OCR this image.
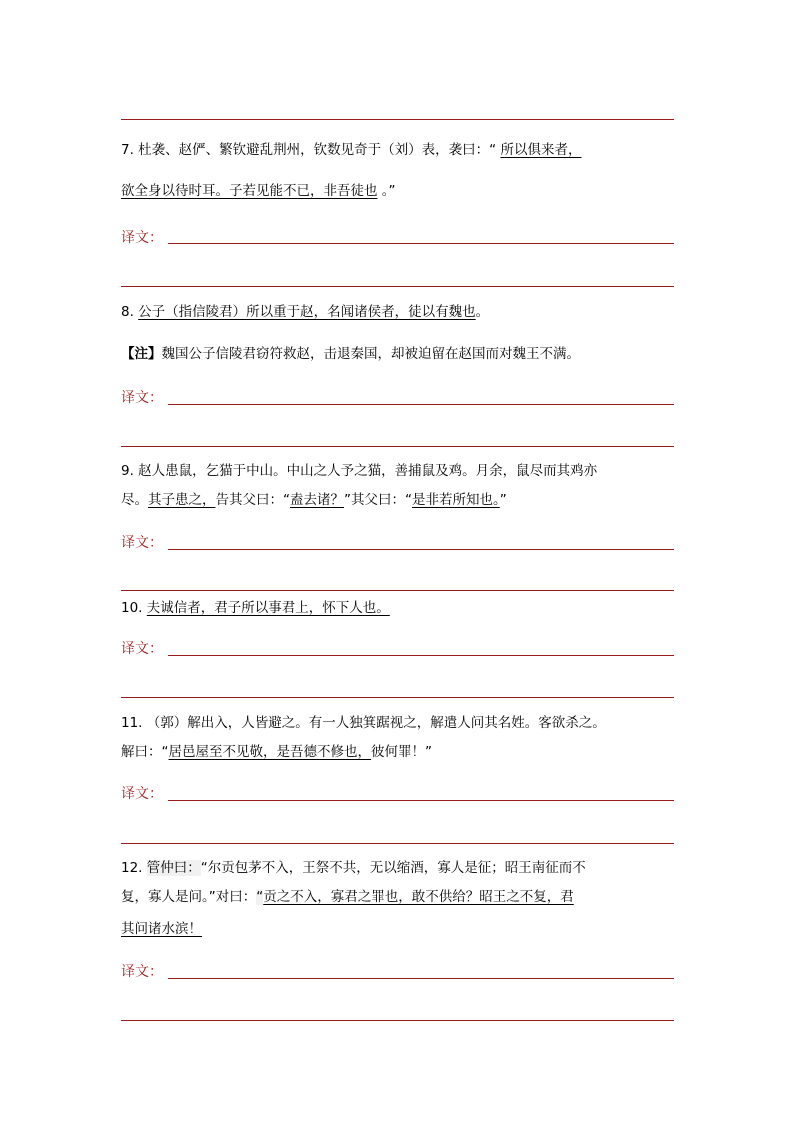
7. 杜袭、赵俨、繁钦避乱荆州，钦数见奇于（刘）表，袭曰：“ 所以俱来者，
欲全身以待时耳。子若见能不已，非吾徒也 。”
译文：
8. 公子（指信陵君）所以重于赵，名闻诸侯者，徒以有魏也。
【注】魏国公子信陵君窃符救赵，击退秦国，却被迫留在赵国而对魏王不满。
译文：
9. 赵人患鼠，乞猫于中山。中山之人予之猫，善捕鼠及鸡。月余，鼠尽而其鸡亦
尽。其子患之，告其父曰：“盍去诸？”其父曰：“是非若所知也。”
译文：
10. 夫诚信者，君子所以事君上，怀下人也。
译文：
11. （郭）解出入，人皆避之。有一人独箕踞视之，解遣人问其名姓。客欲杀之。
解曰：“居邑屋至不见敬，是吾德不修也，彼何罪！”
译文：
12. 管仲曰：“尔贡包茅不入，王祭不共，无以缩酒，寡人是征；昭王南征而不
复，寡人是问。”对曰：“贡之不入，寡君之罪也，敢不供给？昭王之不复，君
其问诸水滨！
译文：
